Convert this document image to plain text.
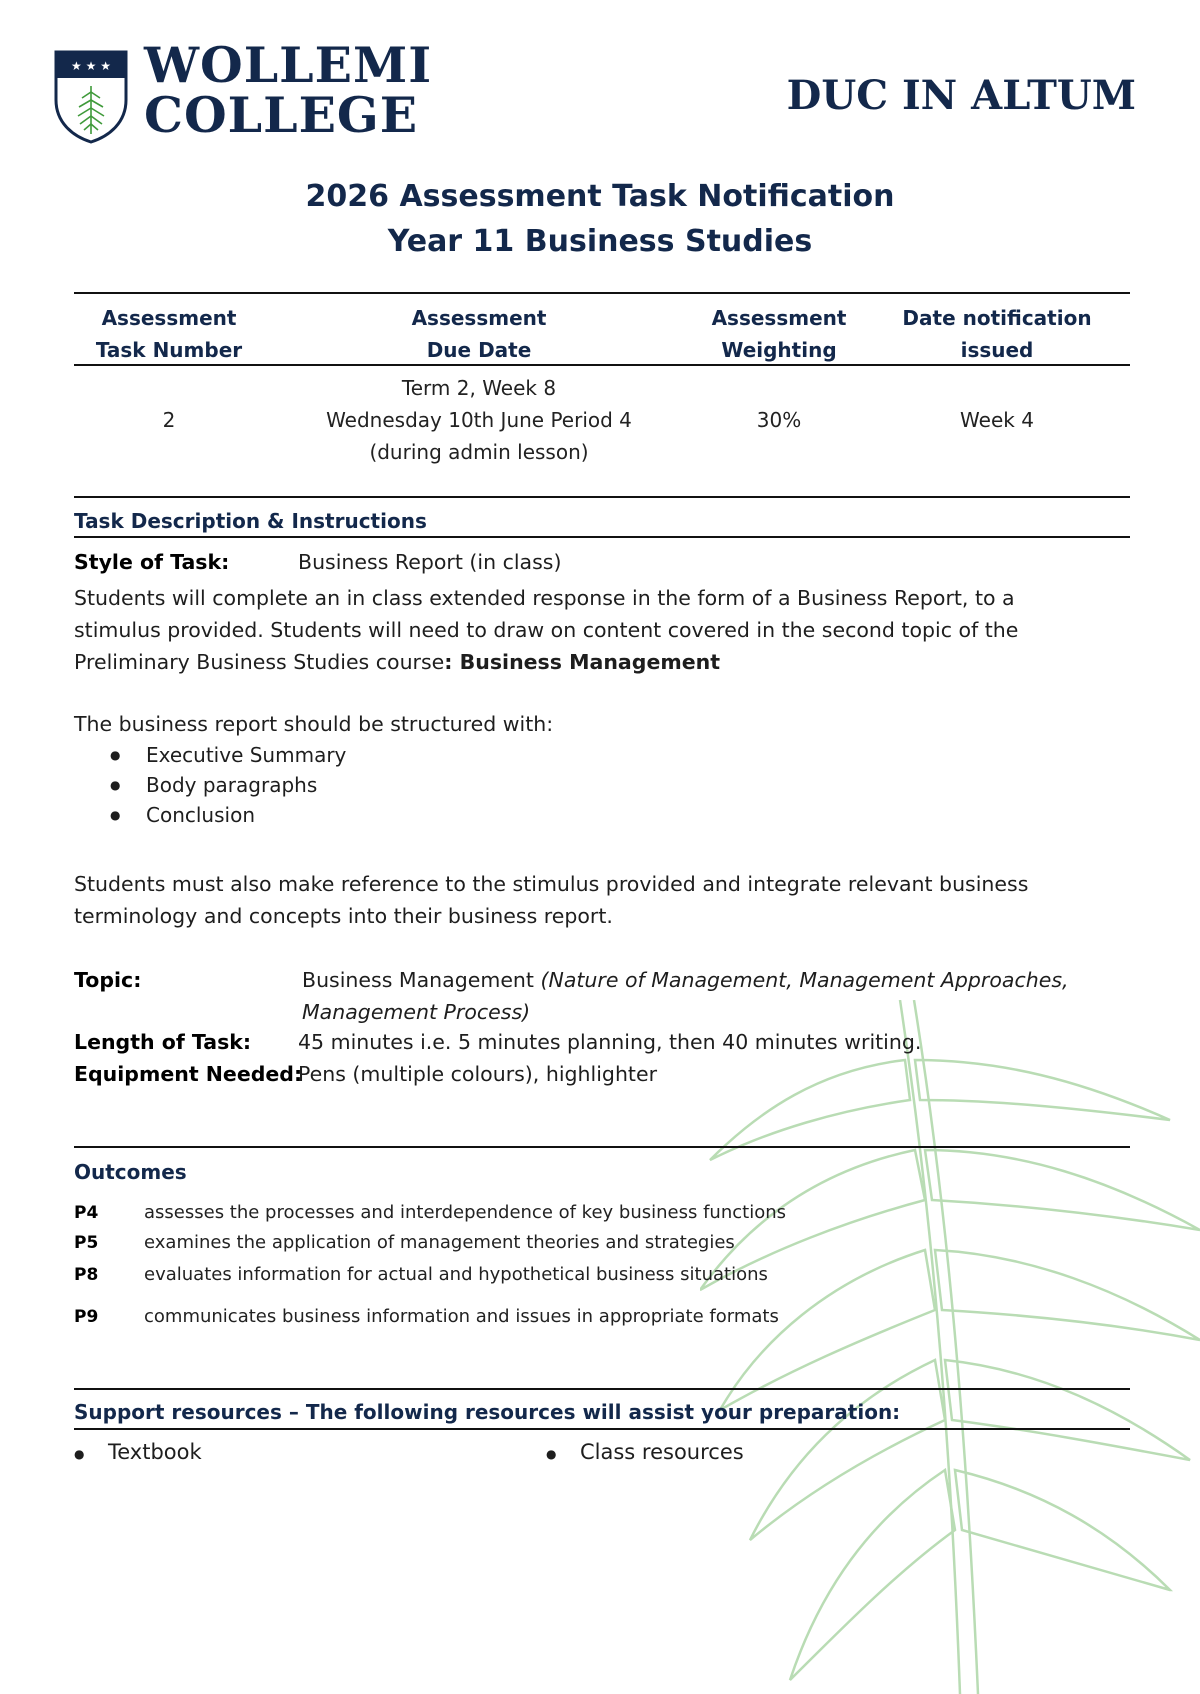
★ ★ ★ WOLLEMI
COLLEGE	DUC IN ALTUM
2026 Assessment Task Notification
Year 11 Business Studies
Assessment
Task Number
Assessment
Due Date
Assessment
Weighting
Date notification
issued
2
Term 2, Week 8
Wednesday 10th June Period 4
(during admin lesson)
30%	Week 4
Task Description & Instructions
Style of Task:	Business Report (in class)
Students will complete an in class extended response in the form of a Business Report, to a
stimulus provided. Students will need to draw on content covered in the second topic of the
Preliminary Business Studies course: Business Management
The business report should be structured with:
● Executive Summary
● Body paragraphs
● Conclusion
Students must also make reference to the stimulus provided and integrate relevant business
terminology and concepts into their business report.
Topic:	Business Management (Nature of Management, Management Approaches,
Management Process)
Length of Task: 45 minutes i.e. 5 minutes planning, then 40 minutes writing.
Equipment Needed:
Pens (multiple colours), highlighter
Outcomes
P4	assesses the processes and interdependence of key business functions
P5	examines the application of management theories and strategies
P8	evaluates information for actual and hypothetical business situations
P9	communicates business information and issues in appropriate formats
Support resources – The following resources will assist your preparation:
● Textbook
●	Class resources
